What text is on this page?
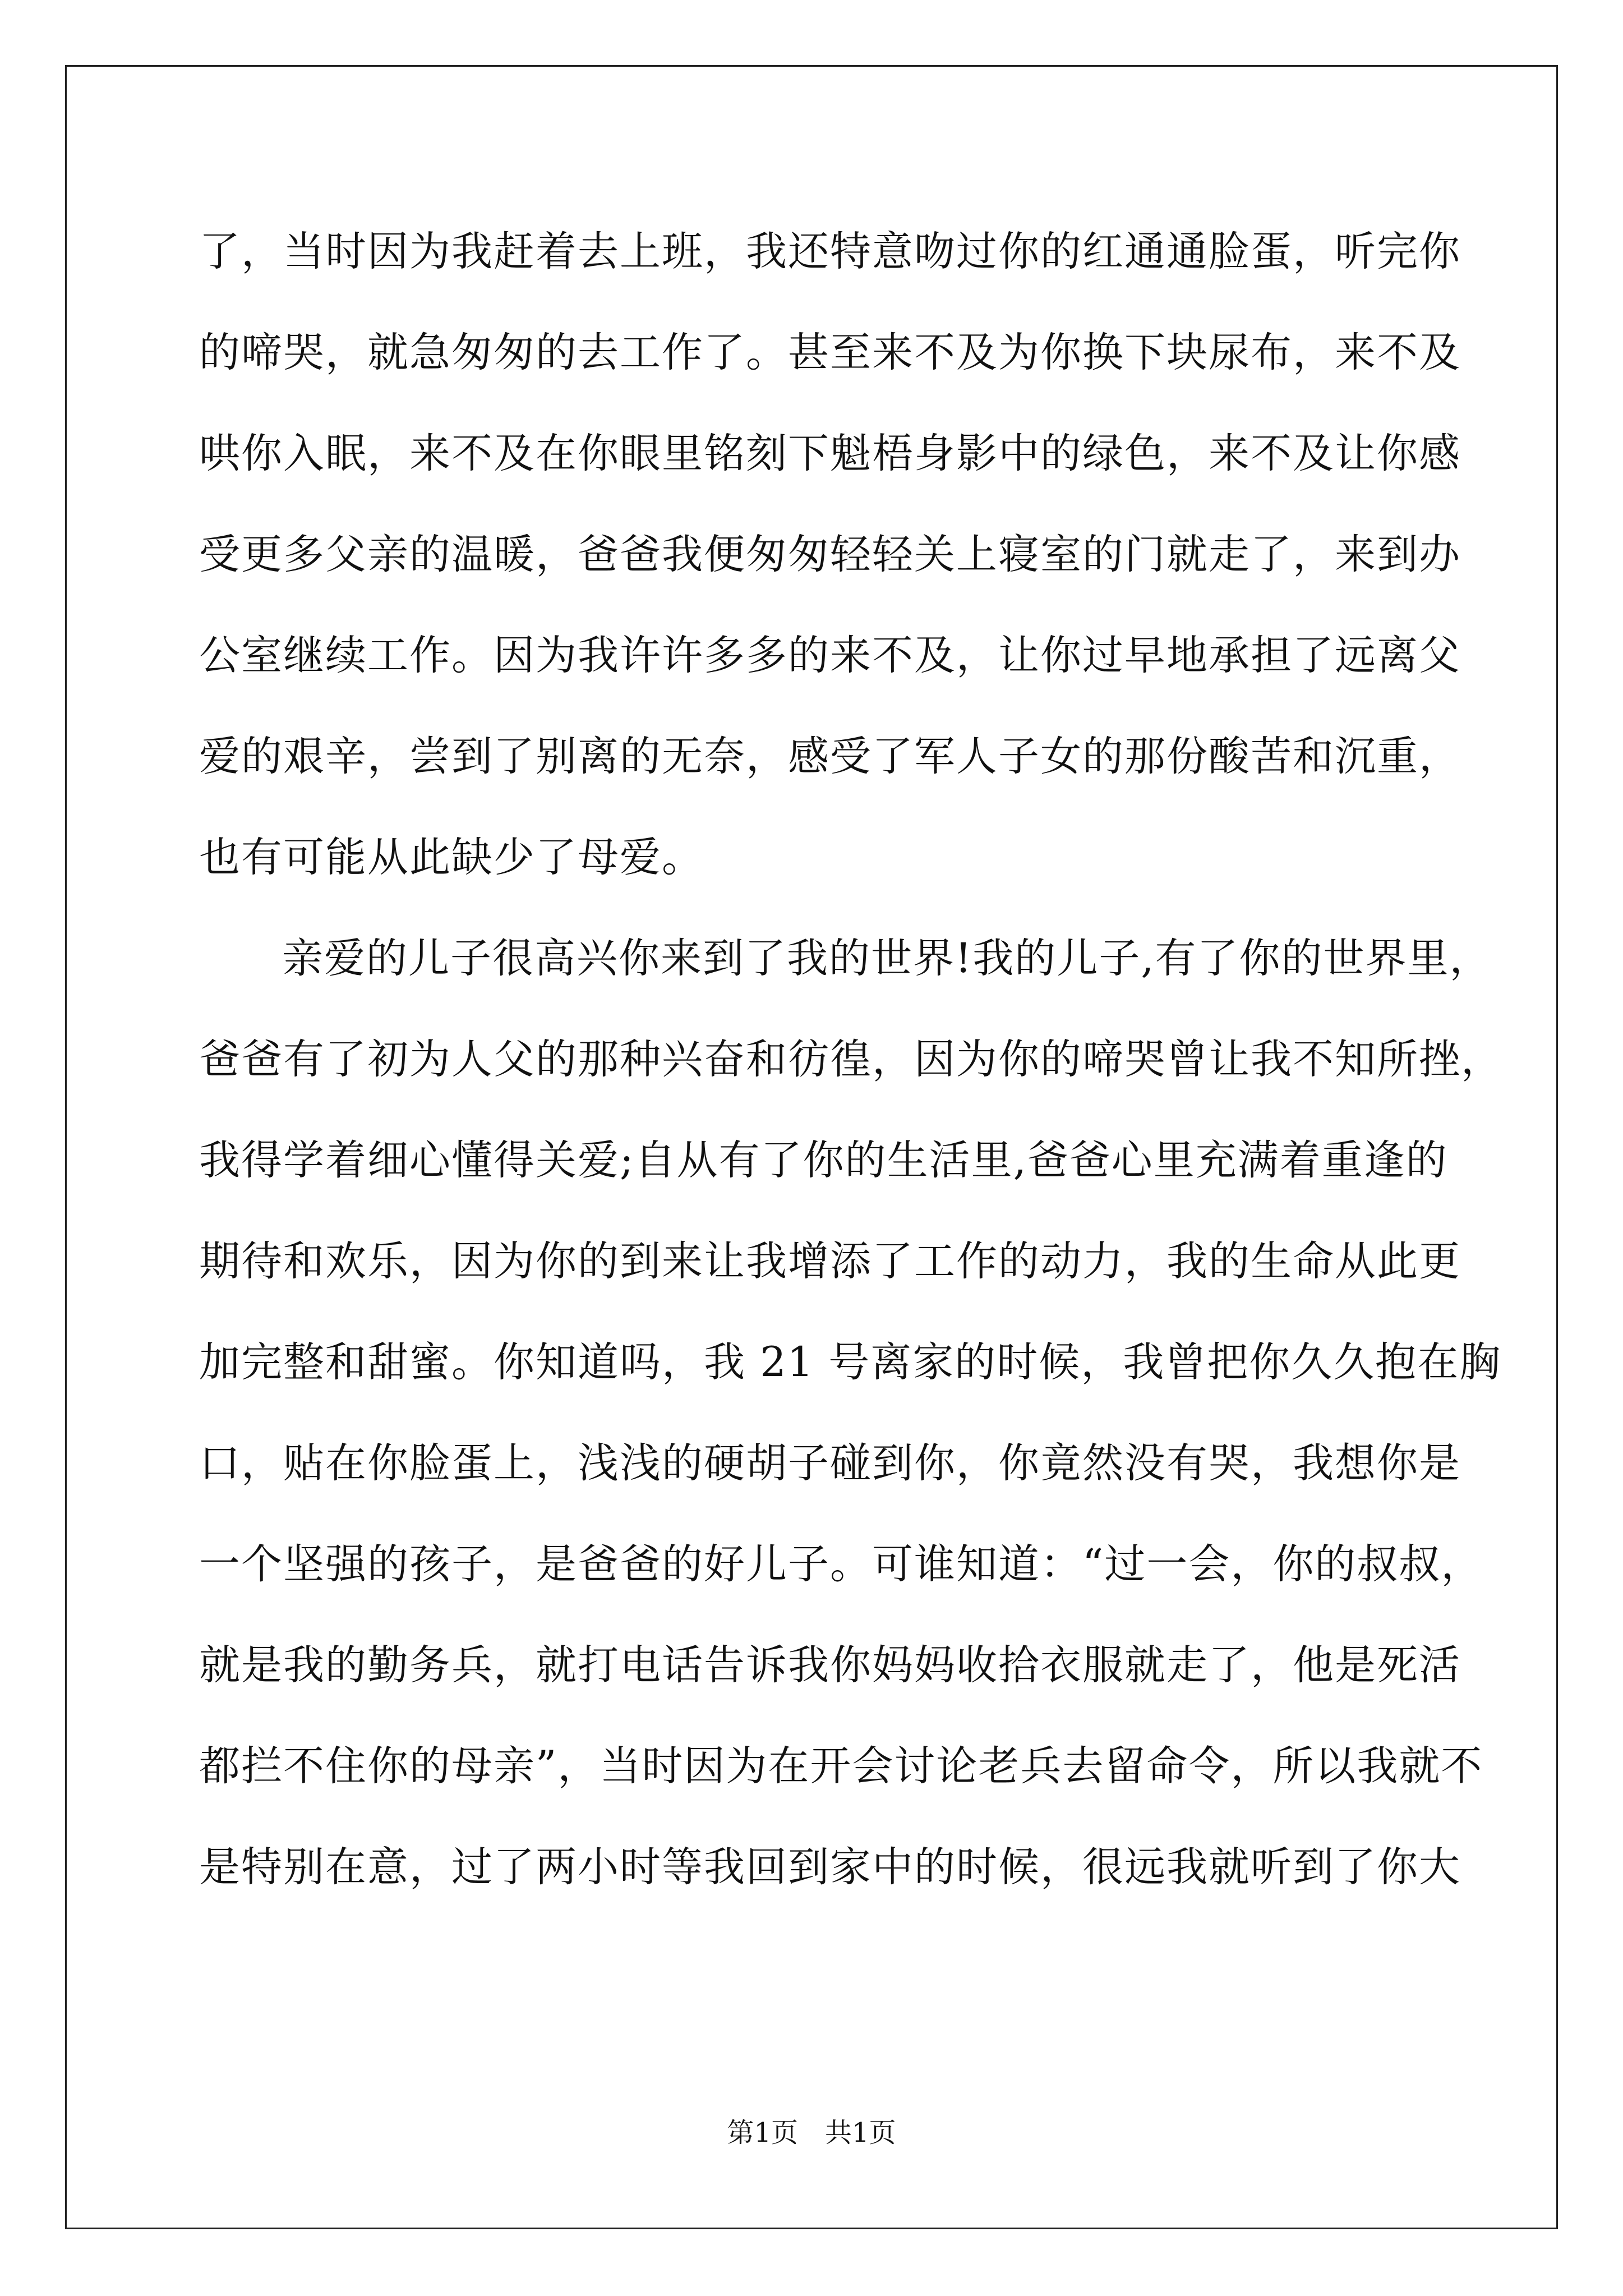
了，当时因为我赶着去上班，我还特意吻过你的红通通脸蛋，听完你
的啼哭，就急匆匆的去工作了。甚至来不及为你换下块尿布，来不及
哄你入眠，来不及在你眼里铭刻下魁梧身影中的绿色，来不及让你感
受更多父亲的温暖，爸爸我便匆匆轻轻关上寝室的门就走了，来到办
公室继续工作。因为我许许多多的来不及，让你过早地承担了远离父
爱的艰辛，尝到了别离的无奈，感受了军人子女的那份酸苦和沉重，
也有可能从此缺少了母爱。
亲爱的儿子很高兴你来到了我的世界!我的儿子,有了你的世界里，
爸爸有了初为人父的那种兴奋和彷徨，因为你的啼哭曾让我不知所挫，
我得学着细心懂得关爱;自从有了你的生活里,爸爸心里充满着重逢的
期待和欢乐，因为你的到来让我增添了工作的动力，我的生命从此更
加完整和甜蜜。你知道吗，我 21 号离家的时候，我曾把你久久抱在胸
口，贴在你脸蛋上，浅浅的硬胡子碰到你，你竟然没有哭，我想你是
一个坚强的孩子，是爸爸的好儿子。可谁知道：“过一会，你的叔叔，
就是我的勤务兵，就打电话告诉我你妈妈收拾衣服就走了，他是死活
都拦不住你的母亲”，当时因为在开会讨论老兵去留命令，所以我就不
是特别在意，过了两小时等我回到家中的时候，很远我就听到了你大
第1页 共1页
